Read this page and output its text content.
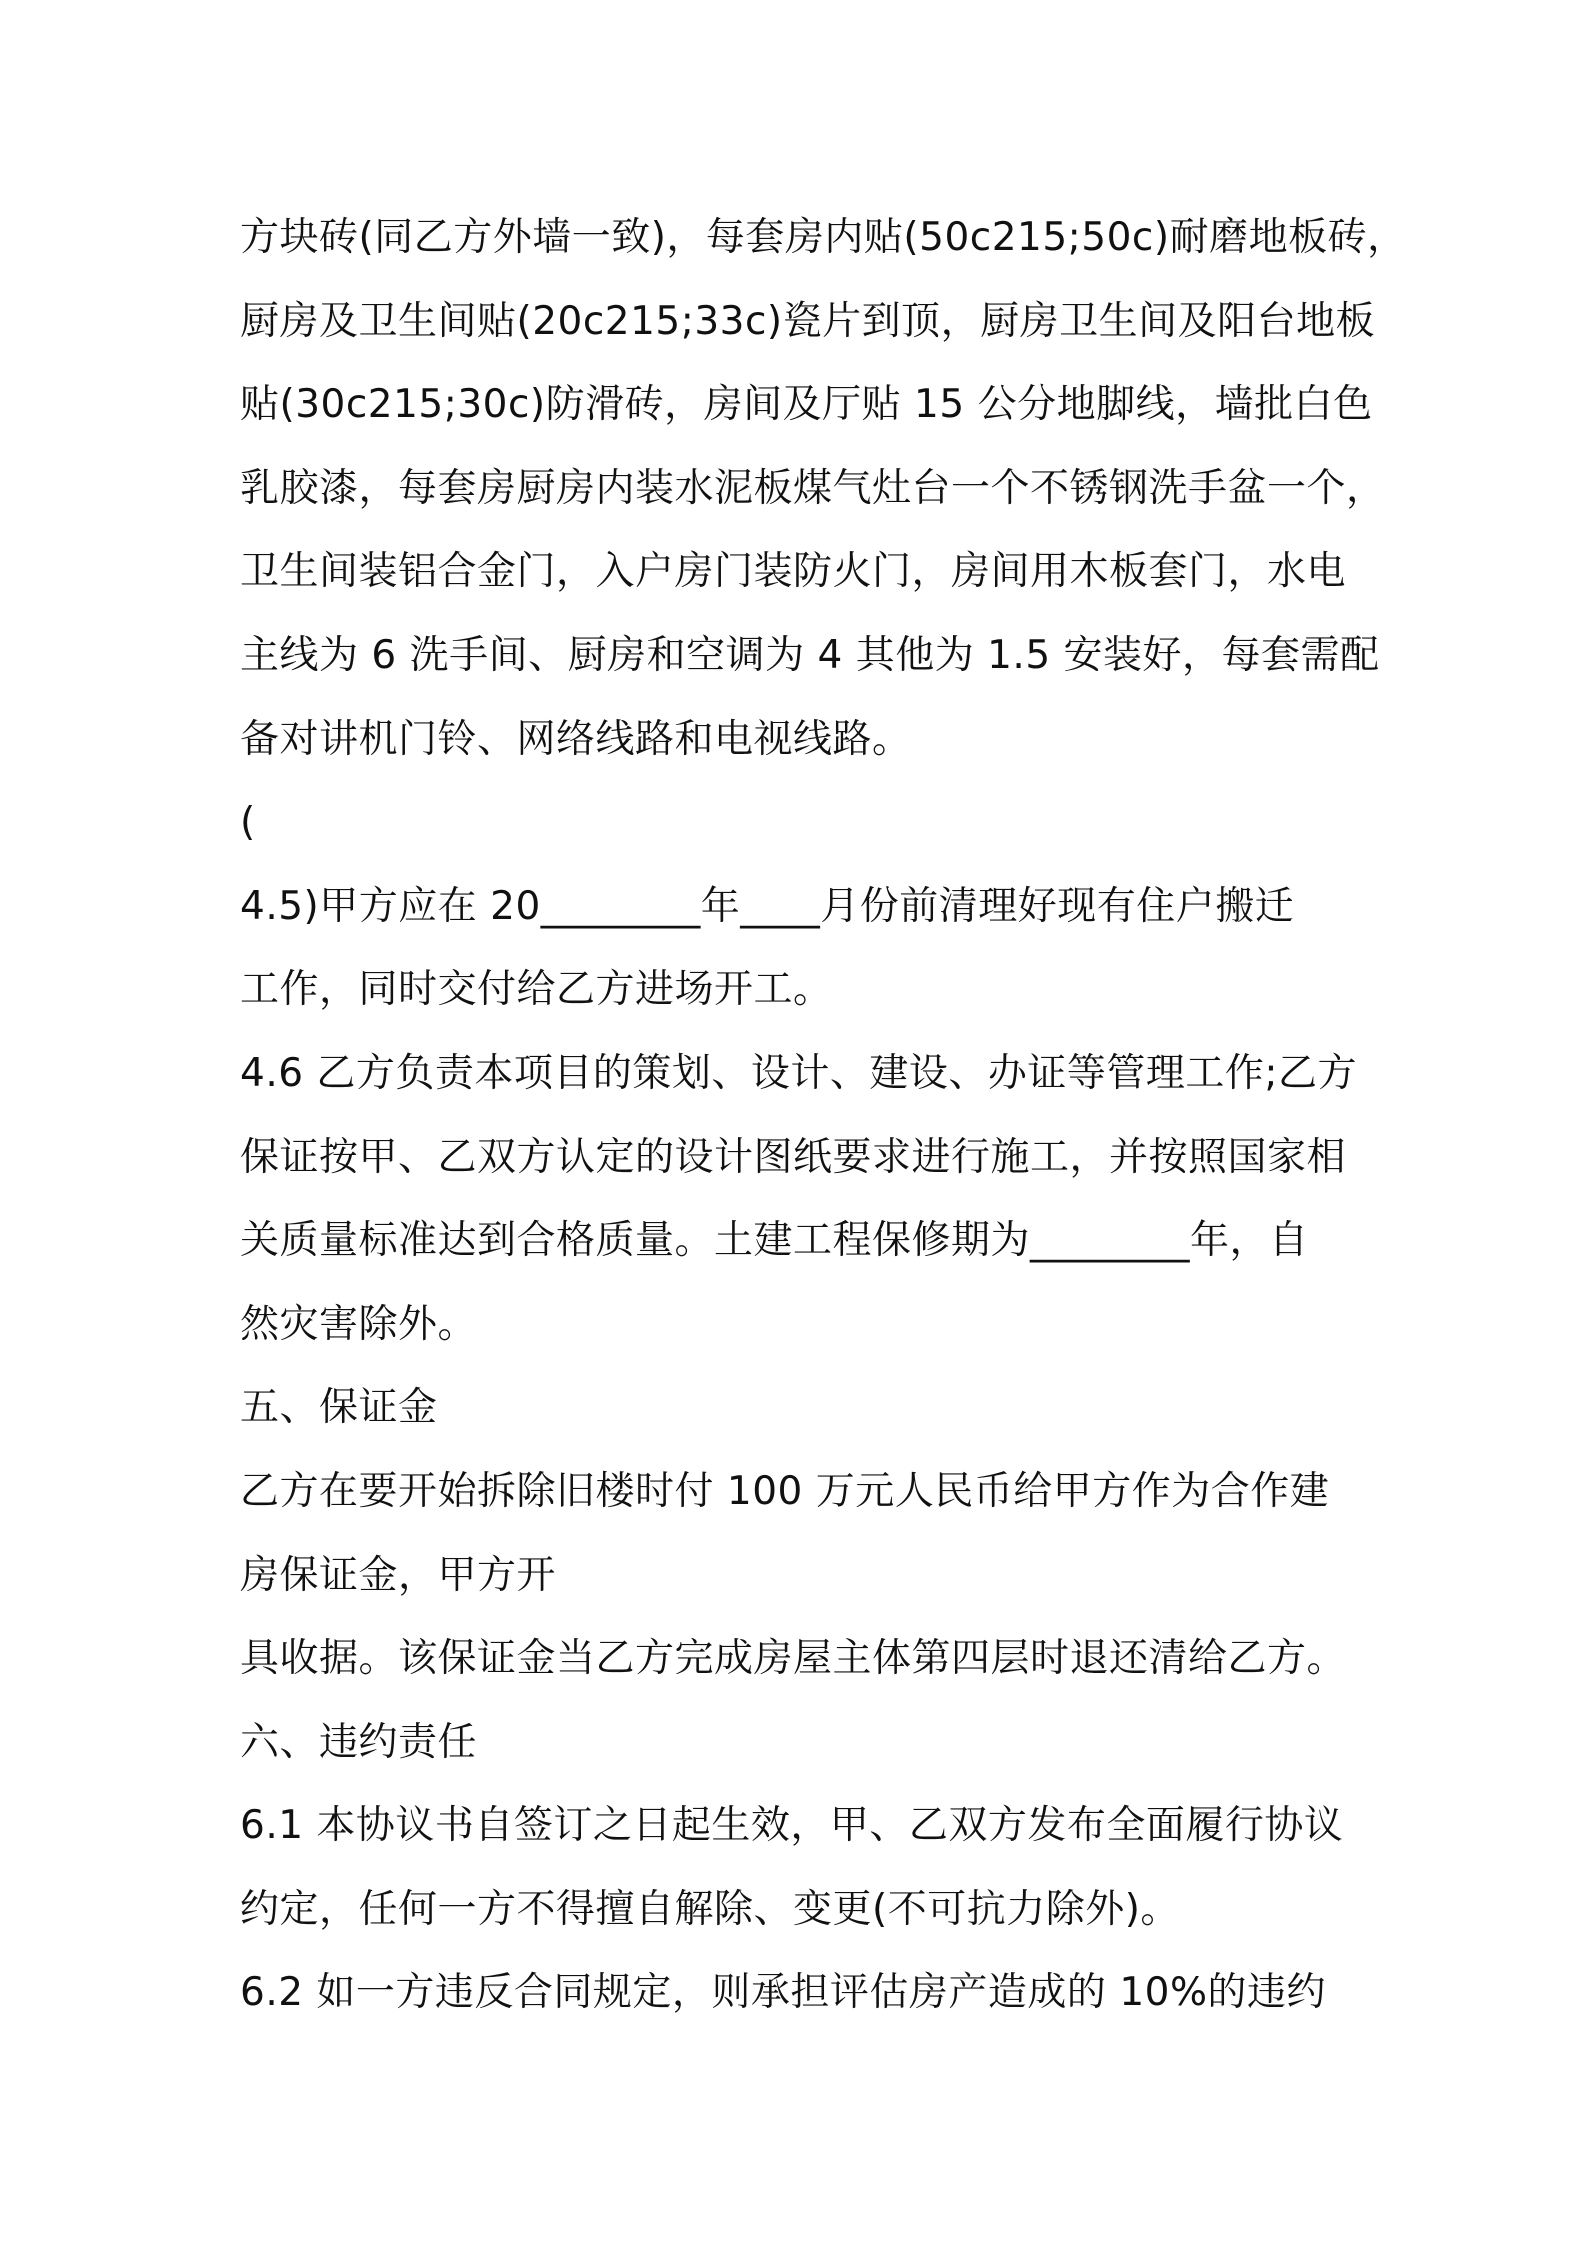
方块砖(同乙方外墙一致)，每套房内贴(50c215;50c)耐磨地板砖，
厨房及卫生间贴(20c215;33c)瓷片到顶，厨房卫生间及阳台地板
贴(30c215;30c)防滑砖，房间及厅贴 15 公分地脚线，墙批白色
乳胶漆，每套房厨房内装水泥板煤气灶台一个不锈钢洗手盆一个，
卫生间装铝合金门，入户房门装防火门，房间用木板套门，水电
主线为 6 洗手间、厨房和空调为 4 其他为 1.5 安装好，每套需配
备对讲机门铃、网络线路和电视线路。
(
4.5)甲方应在 20________年____月份前清理好现有住户搬迁
工作，同时交付给乙方进场开工。
4.6 乙方负责本项目的策划、设计、建设、办证等管理工作;乙方
保证按甲、乙双方认定的设计图纸要求进行施工，并按照国家相
关质量标准达到合格质量。土建工程保修期为________年，自
然灾害除外。
五、保证金
乙方在要开始拆除旧楼时付 100 万元人民币给甲方作为合作建
房保证金，甲方开
具收据。该保证金当乙方完成房屋主体第四层时退还清给乙方。
六、违约责任
6.1 本协议书自签订之日起生效，甲、乙双方发布全面履行协议
约定，任何一方不得擅自解除、变更(不可抗力除外)。
6.2 如一方违反合同规定，则承担评估房产造成的 10%的违约
